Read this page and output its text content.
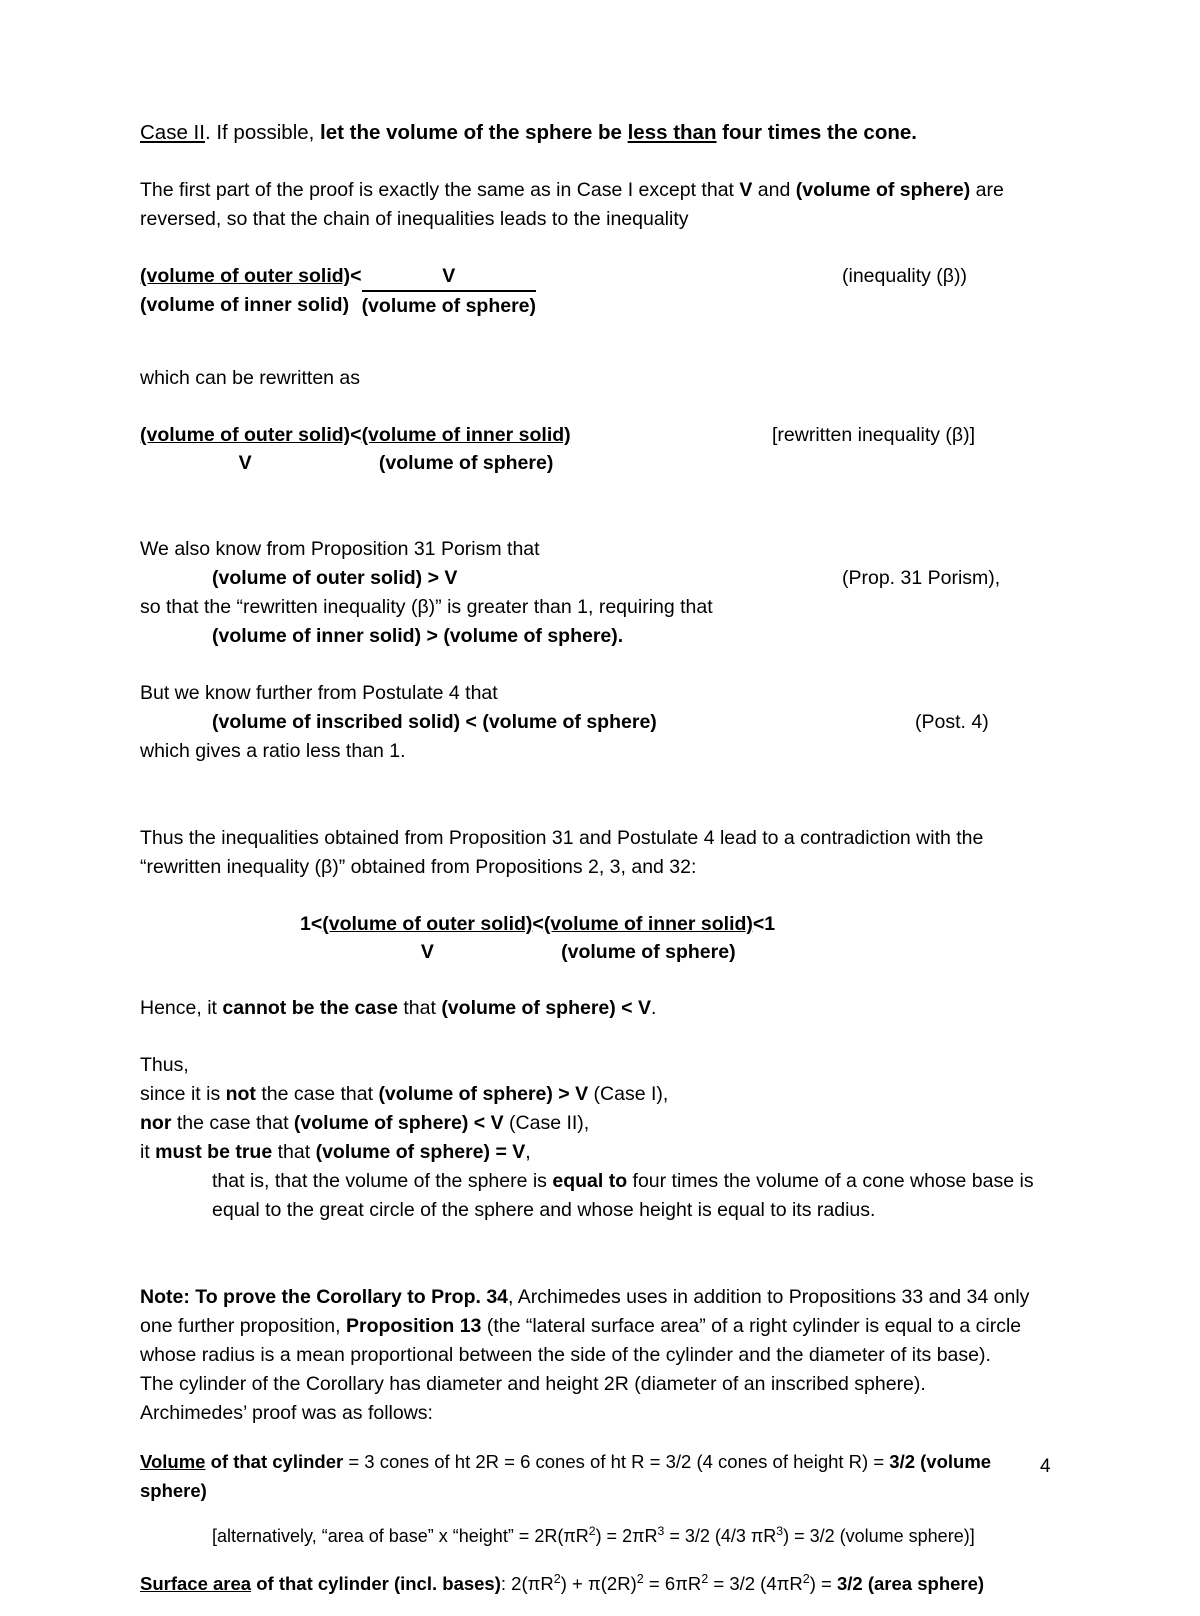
Case II. If possible, let the volume of the sphere be less than four times the cone.

The first part of the proof is exactly the same as in Case I except that V and (volume of sphere) are
reversed, so that the chain of inequalities leads to the inequality

(volume of outer solid)	<	V
(volume of inner solid)		(volume of sphere)
(inequality (β))

which can be rewritten as

(volume of outer solid)	<	(volume of inner solid)
V		(volume of sphere)
[rewritten inequality (β)]

We also know from Proposition 31 Porism that

(volume of outer solid) > V

so that the “rewritten inequality (β)” is greater than 1, requiring that

(volume of inner solid) > (volume of sphere).

(Prop. 31 Porism),

But we know further from Postulate 4 that

(volume of inscribed solid) < (volume of sphere)

which gives a ratio less than 1.

(Post. 4)

Thus the inequalities obtained from Proposition 31 and Postulate 4 lead to a contradiction with the
“rewritten inequality (β)” obtained from Propositions 2, 3, and 32:

1	<	(volume of outer solid)	<	(volume of inner solid)	<	1
		V		(volume of sphere)		

Hence, it cannot be the case that (volume of sphere) < V.

Thus,

since it is not the case that (volume of sphere) > V (Case I),

nor the case that (volume of sphere) < V (Case II),

it must be true that (volume of sphere) = V,

that is, that the volume of the sphere is equal to four times the volume of a cone whose base is
equal to the great circle of the sphere and whose height is equal to its radius.

Note: To prove the Corollary to Prop. 34, Archimedes uses in addition to Propositions 33 and 34 only
one further proposition, Proposition 13 (the “lateral surface area” of a right cylinder is equal to a circle
whose radius is a mean proportional between the side of the cylinder and the diameter of its base).
The cylinder of the Corollary has diameter and height 2R (diameter of an inscribed sphere).
Archimedes’ proof was as follows:

Volume of that cylinder = 3 cones of ht 2R = 6 cones of ht R = 3/2 (4 cones of height R) = 3/2 (volume sphere)

[alternatively, “area of base” x “height” = $2R(\pi R^2) = 2\pi R^3 = 3/2$ (4/3 $\pi R^3) = 3/2$ (volume sphere)]

Surface area of that cylinder (incl. bases): $2(\pi R^2) + \pi(2R)^2 = 6\pi R^2 = 3/2$ $(4\pi R^2) = 3/2$ (area sphere)

4
